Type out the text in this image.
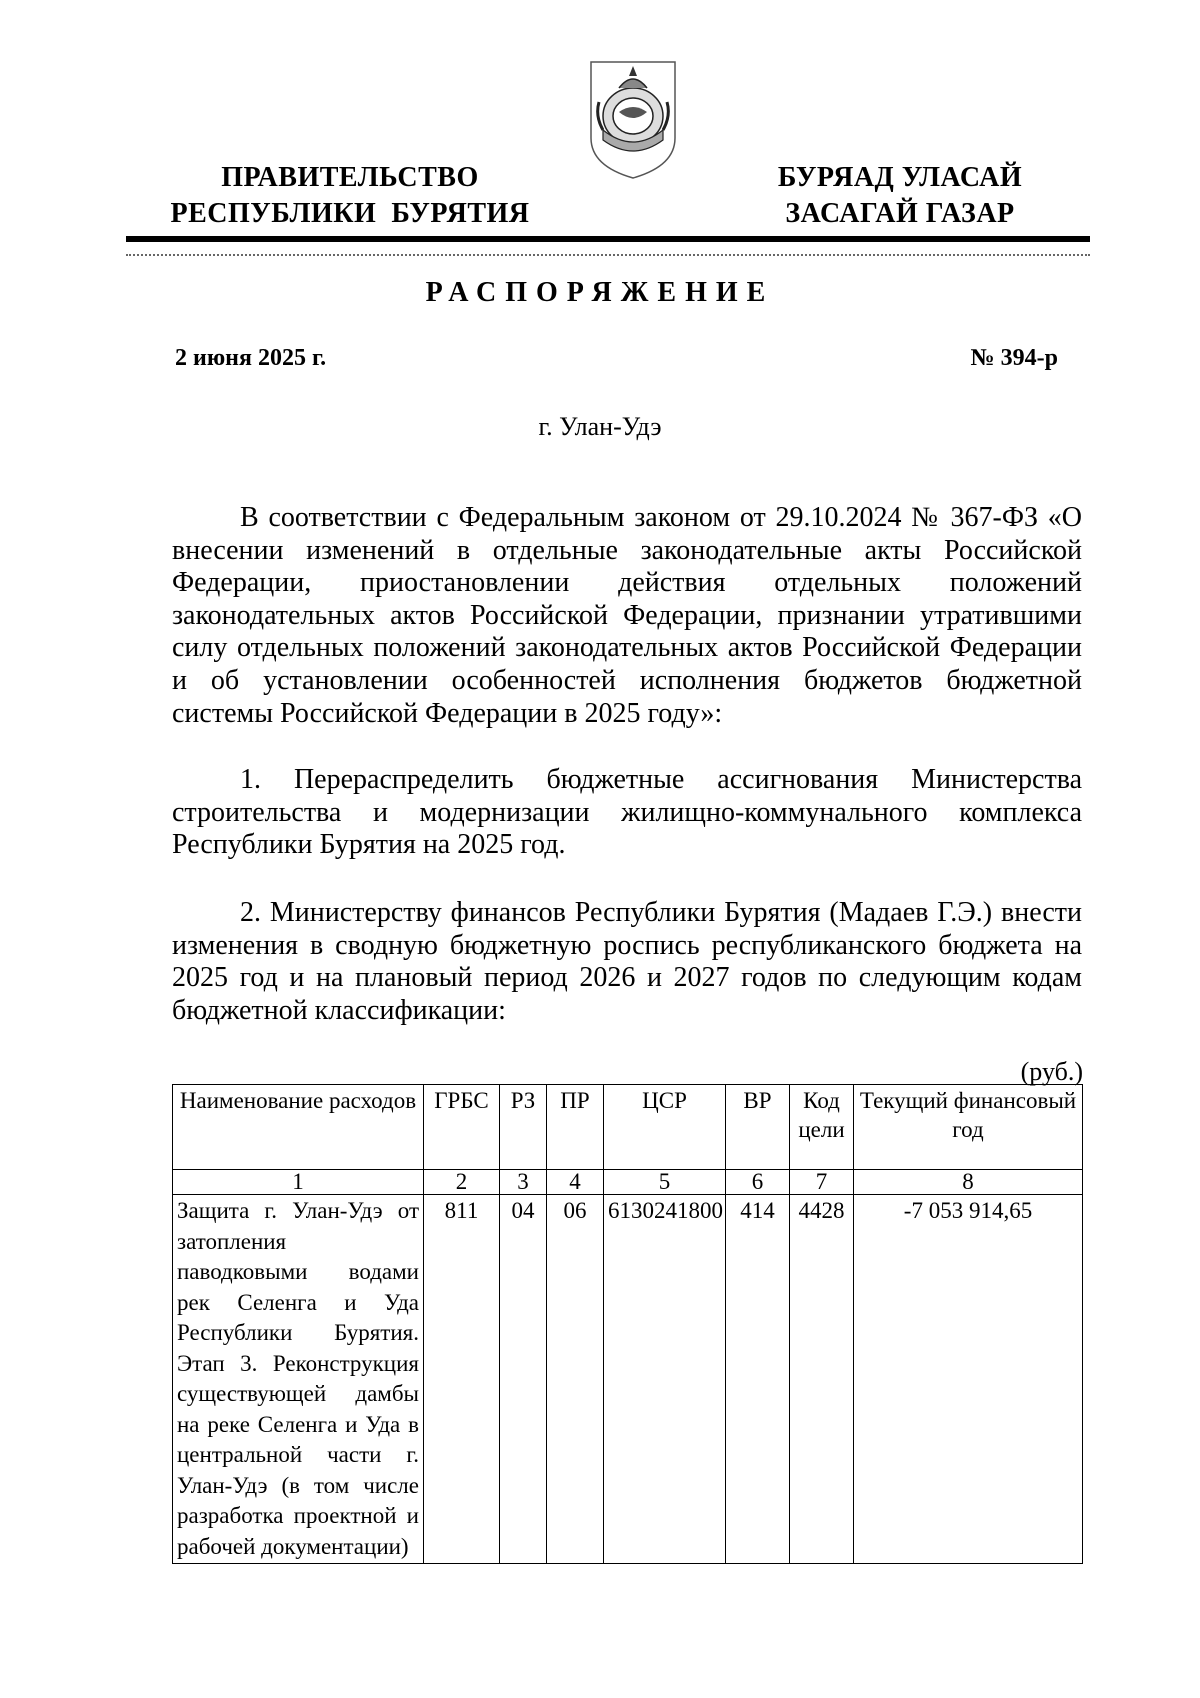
ПРАВИТЕЛЬСТВО
РЕСПУБЛИКИ  БУРЯТИЯ
БУРЯАД УЛАСАЙ
ЗАСАГАЙ ГАЗАР
РАСПОРЯЖЕНИЕ
2 июня 2025 г.	№ 394-р
г. Улан-Удэ
В соответствии с Федеральным законом от 29.10.2024 № 367-ФЗ «О внесении изменений в отдельные законодательные акты Российской Федерации, приостановлении действия отдельных положений законодательных актов Российской Федерации, признании утратившими силу отдельных положений законодательных актов Российской Федерации и об установлении особенностей исполнения бюджетов бюджетной системы Российской Федерации в 2025 году»:
1. Перераспределить бюджетные ассигнования Министерства строительства и модернизации жилищно-коммунального комплекса Республики Бурятия на 2025 год.
2. Министерству финансов Республики Бурятия (Мадаев Г.Э.) внести изменения в сводную бюджетную роспись республиканского бюджета на 2025 год и на плановый период 2026 и 2027 годов по следующим кодам бюджетной классификации:
(руб.)
Наименование расходов	ГРБС	РЗ	ПР	ЦСР	ВР	Код цели	Текущий финансовый год
1	2	3	4	5	6	7	8
Защита г. Улан-Удэ от затопления паводковыми водами рек Селенга и Уда Республики Бурятия. Этап 3. Реконструкция существующей дамбы на реке Селенга и Уда в центральной части г. Улан-Удэ (в том числе разработка проектной и рабочей документации)	811	04	06	6130241800	414	4428	-7 053 914,65
